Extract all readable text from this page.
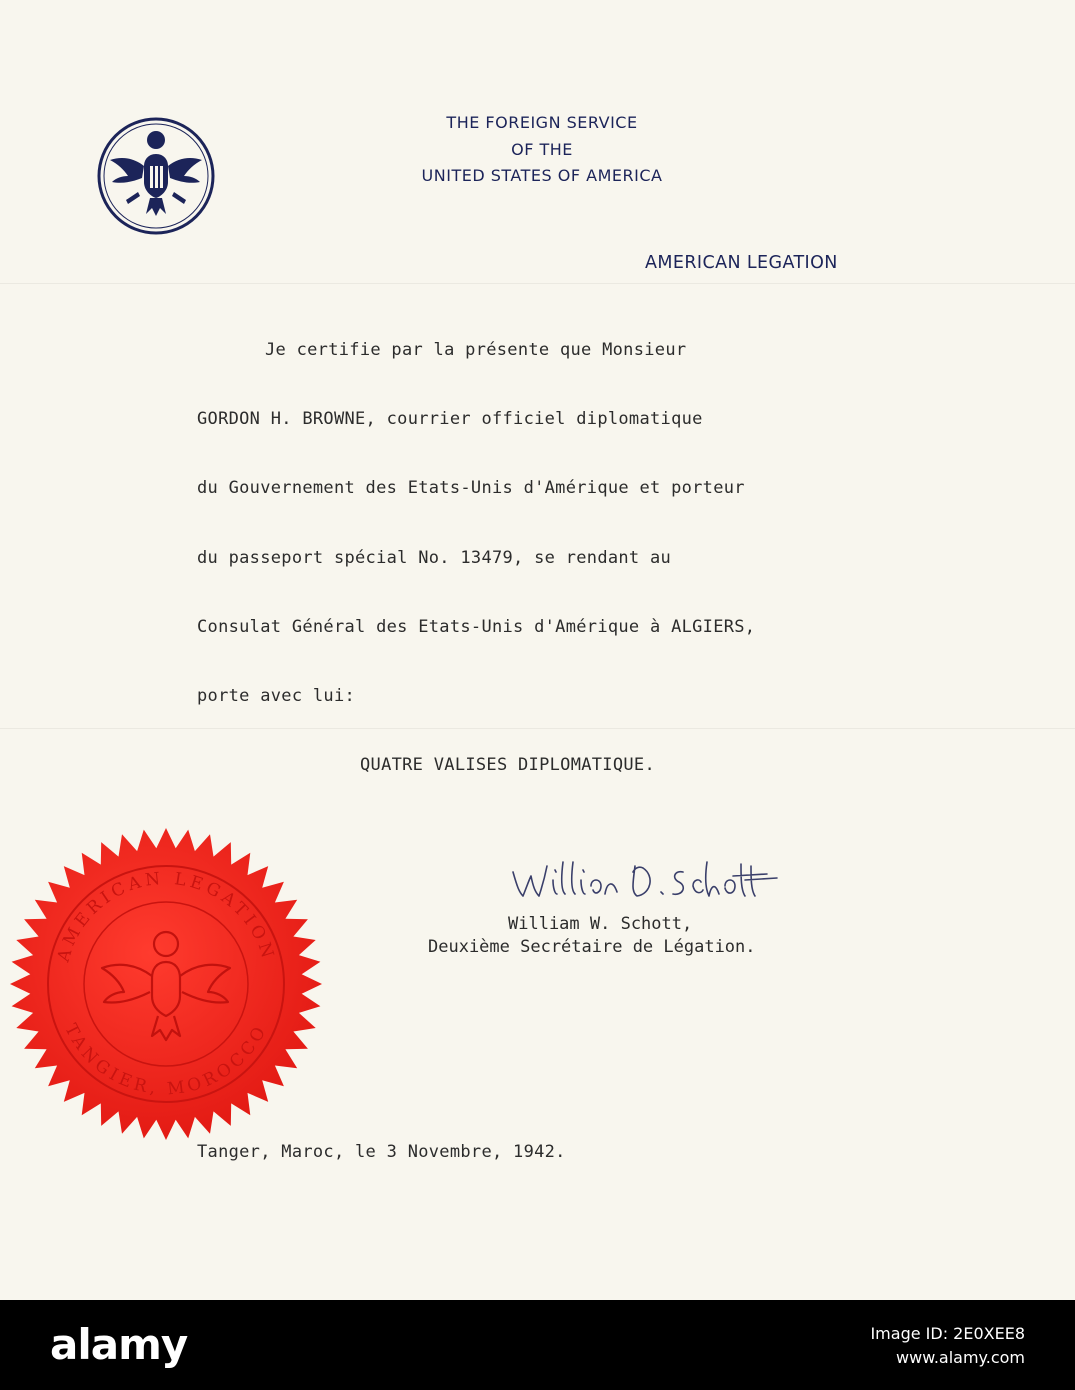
THE FOREIGN SERVICE
OF THE
UNITED STATES OF AMERICA
AMERICAN LEGATION
Je certifie par la présente que Monsieur
GORDON H. BROWNE, courrier officiel diplomatique
du Gouvernement des Etats-Unis d'Amérique et porteur
du passeport spécial No. 13479, se rendant au
Consulat Général des Etats-Unis d'Amérique à ALGIERS,
porte avec lui:
QUATRE VALISES DIPLOMATIQUE.
William W. Schott,
Deuxième Secrétaire de Légation.
AMERICAN LEGATION
TANGIER, MOROCCO
Tanger, Maroc, le 3 Novembre, 1942.
alamy	Image ID: 2E0XEE8
www.alamy.com
